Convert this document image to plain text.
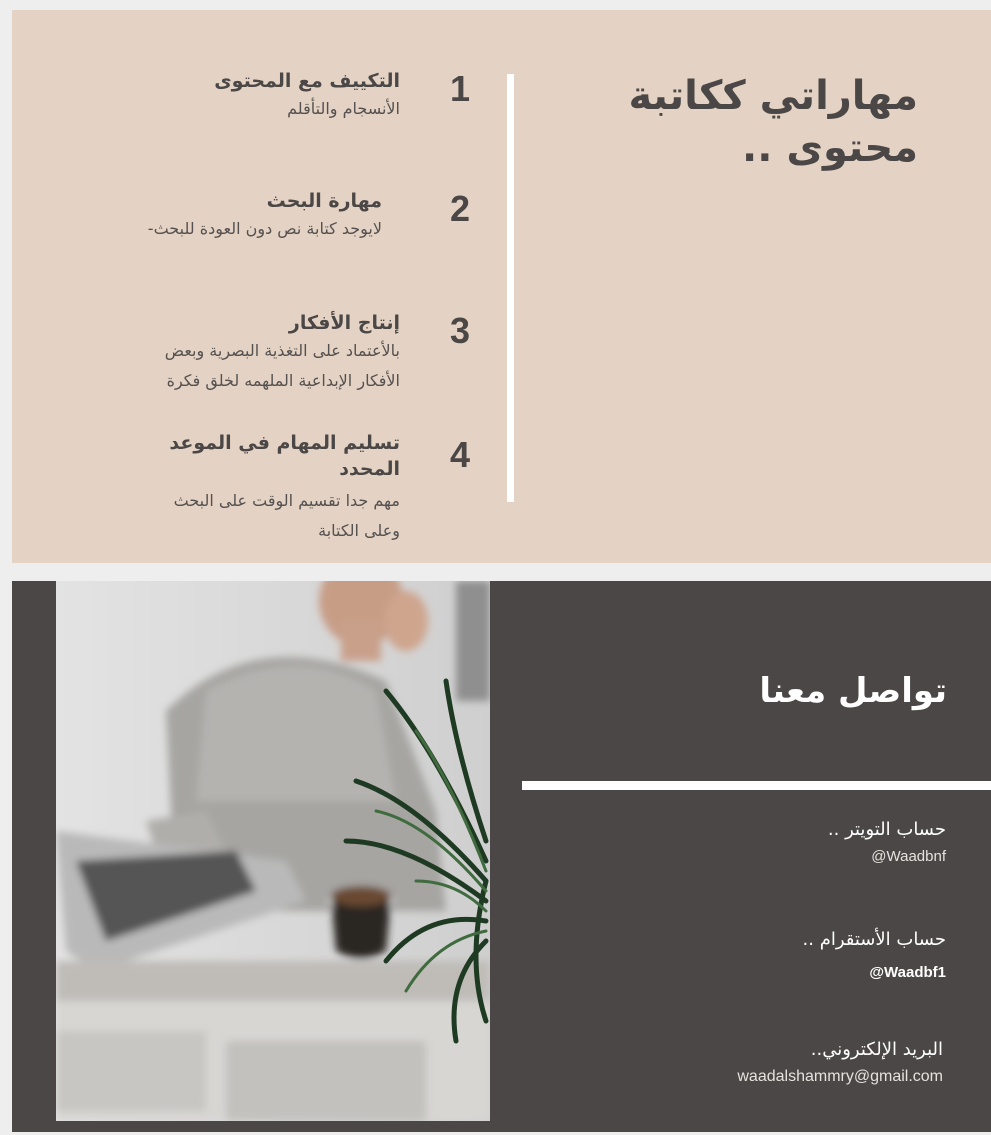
مهاراتي ككاتبة محتوى ..
1
التكييف مع المحتوى
الأنسجام والتأقلم
2
مهارة البحث
لايوجد كتابة نص دون العودة للبحث-
3
إنتاج الأفكار
بالأعتماد على التغذية البصرية وبعض
الأفكار الإبداعية الملهمه لخلق فكرة
4
تسليم المهام في الموعد المحدد
مهم جدا تقسيم الوقت على البحث
وعلى الكتابة
تواصل معنا
حساب التويتر ..
@Waadbnf
حساب الأستقرام ..
@Waadbf1
البريد الإلكتروني..
waadalshammry@gmail.com
